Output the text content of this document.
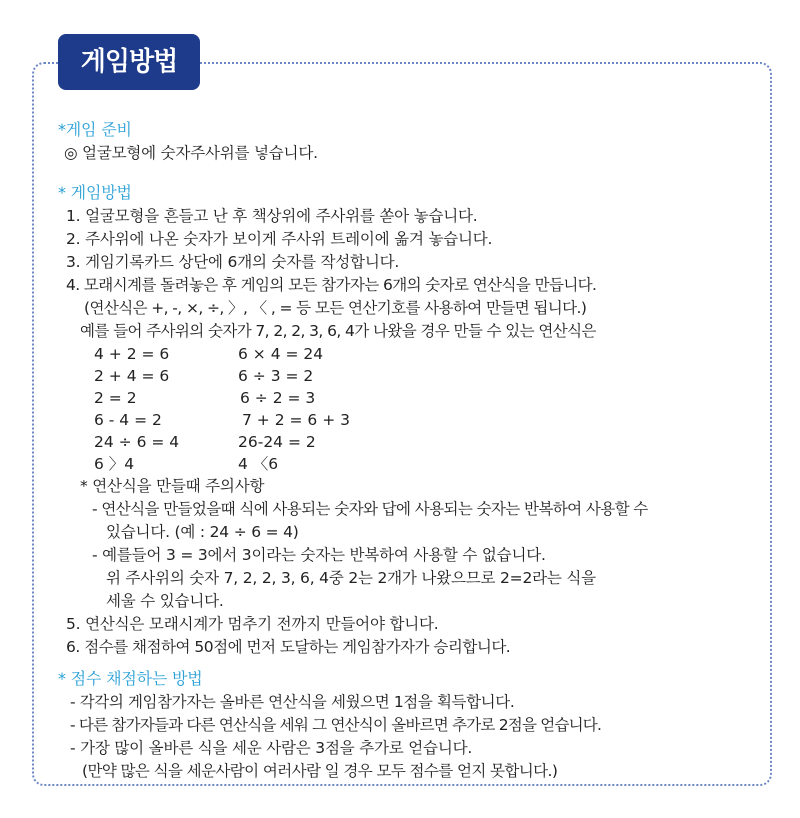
게임방법
*게임 준비
◎ 얼굴모형에 숫자주사위를 넣습니다.
* 게임방법
1. 얼굴모형을 흔들고 난 후 책상위에 주사위를 쏟아 놓습니다.
2. 주사위에 나온 숫자가 보이게 주사위 트레이에 옮겨 놓습니다.
3. 게임기록카드 상단에 6개의 숫자를 작성합니다.
4. 모래시계를 돌려놓은 후 게임의 모든 참가자는 6개의 숫자로 연산식을 만듭니다.
(연산식은 +, -, ×, ÷, 〉, 〈 , = 등 모든 연산기호를 사용하여 만들면 됩니다.)
예를 들어 주사위의 숫자가 7, 2, 2, 3, 6, 4가 나왔을 경우 만들 수 있는 연산식은
4 + 2 = 6
2 + 4 = 6
2 = 2
6 - 4 = 2
24 ÷ 6 = 4
6 〉4
6 × 4 = 24
6 ÷ 3 = 2
6 ÷ 2 = 3
7 + 2 = 6 + 3
26-24 = 2
4 〈6
* 연산식을 만들때 주의사항
- 연산식을 만들었을때 식에 사용되는 숫자와 답에 사용되는 숫자는 반복하여 사용할 수
있습니다. (예 : 24 ÷ 6 = 4)
- 예를들어 3 = 3에서 3이라는 숫자는 반복하여 사용할 수 없습니다.
위 주사위의 숫자 7, 2, 2, 3, 6, 4중 2는 2개가 나왔으므로 2=2라는 식을
세울 수 있습니다.
5. 연산식은 모래시계가 멈추기 전까지 만들어야 합니다.
6. 점수를 채점하여 50점에 먼저 도달하는 게임참가자가 승리합니다.
* 점수 채점하는 방법
- 각각의 게임참가자는 올바른 연산식을 세웠으면 1점을 획득합니다.
- 다른 참가자들과 다른 연산식을 세워 그 연산식이 올바르면 추가로 2점을 얻습니다.
- 가장 많이 올바른 식을 세운 사람은 3점을 추가로 얻습니다.
(만약 많은 식을 세운사람이 여러사람 일 경우 모두 점수를 얻지 못합니다.)
